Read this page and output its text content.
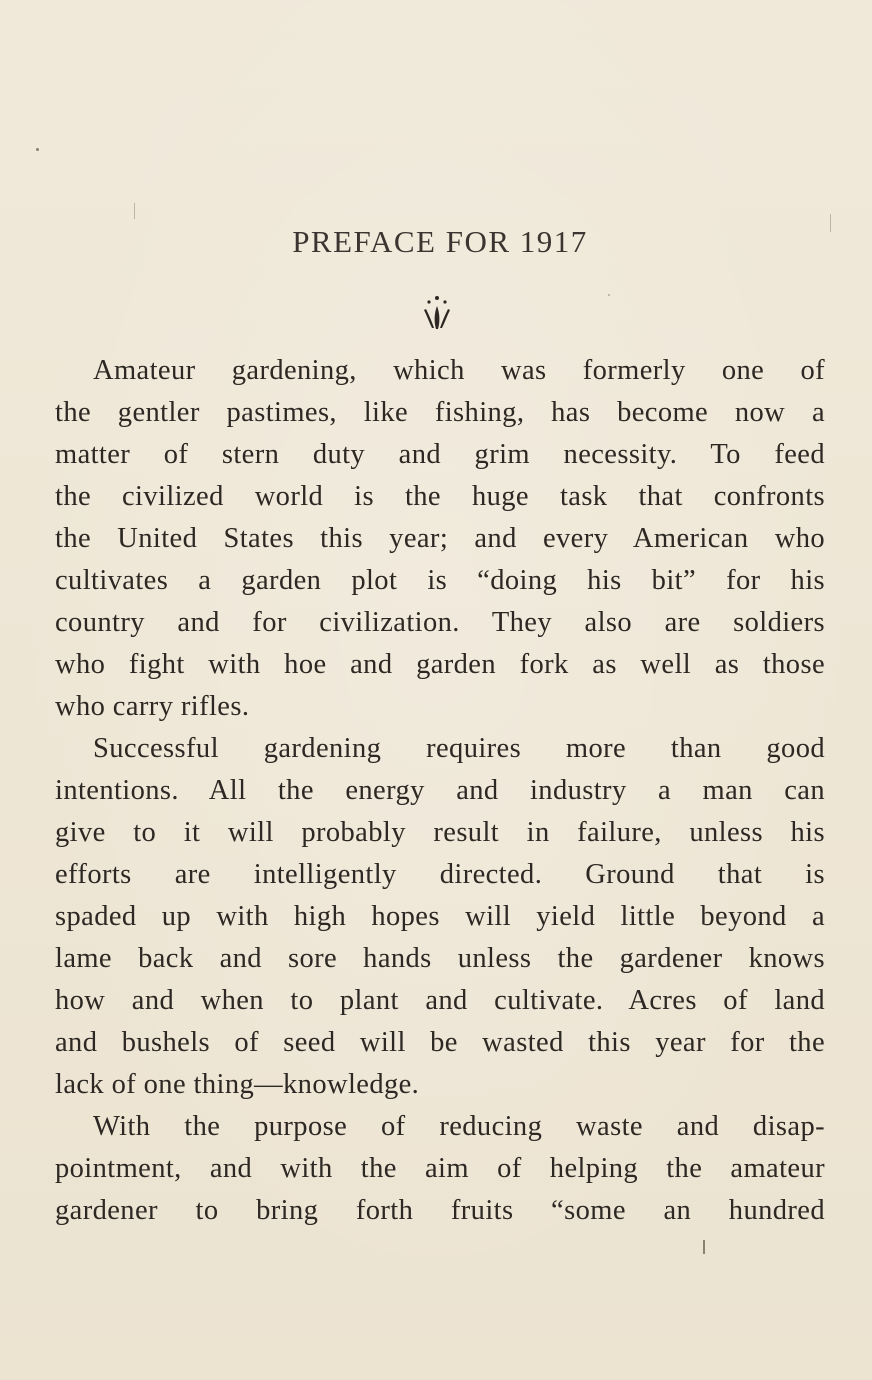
PREFACE FOR 1917
Amateur gardening, which was formerly one of
the gentler pastimes, like fishing, has become now a
matter of stern duty and grim necessity. To feed
the civilized world is the huge task that confronts
the United States this year; and every American who
cultivates a garden plot is “doing his bit” for his
country and for civilization. They also are soldiers
who fight with hoe and garden fork as well as those
who carry rifles.
Successful gardening requires more than good
intentions. All the energy and industry a man can
give to it will probably result in failure, unless his
efforts are intelligently directed. Ground that is
spaded up with high hopes will yield little beyond a
lame back and sore hands unless the gardener knows
how and when to plant and cultivate. Acres of land
and bushels of seed will be wasted this year for the
lack of one thing—knowledge.
With the purpose of reducing waste and disap-
pointment, and with the aim of helping the amateur
gardener to bring forth fruits “some an hundred
